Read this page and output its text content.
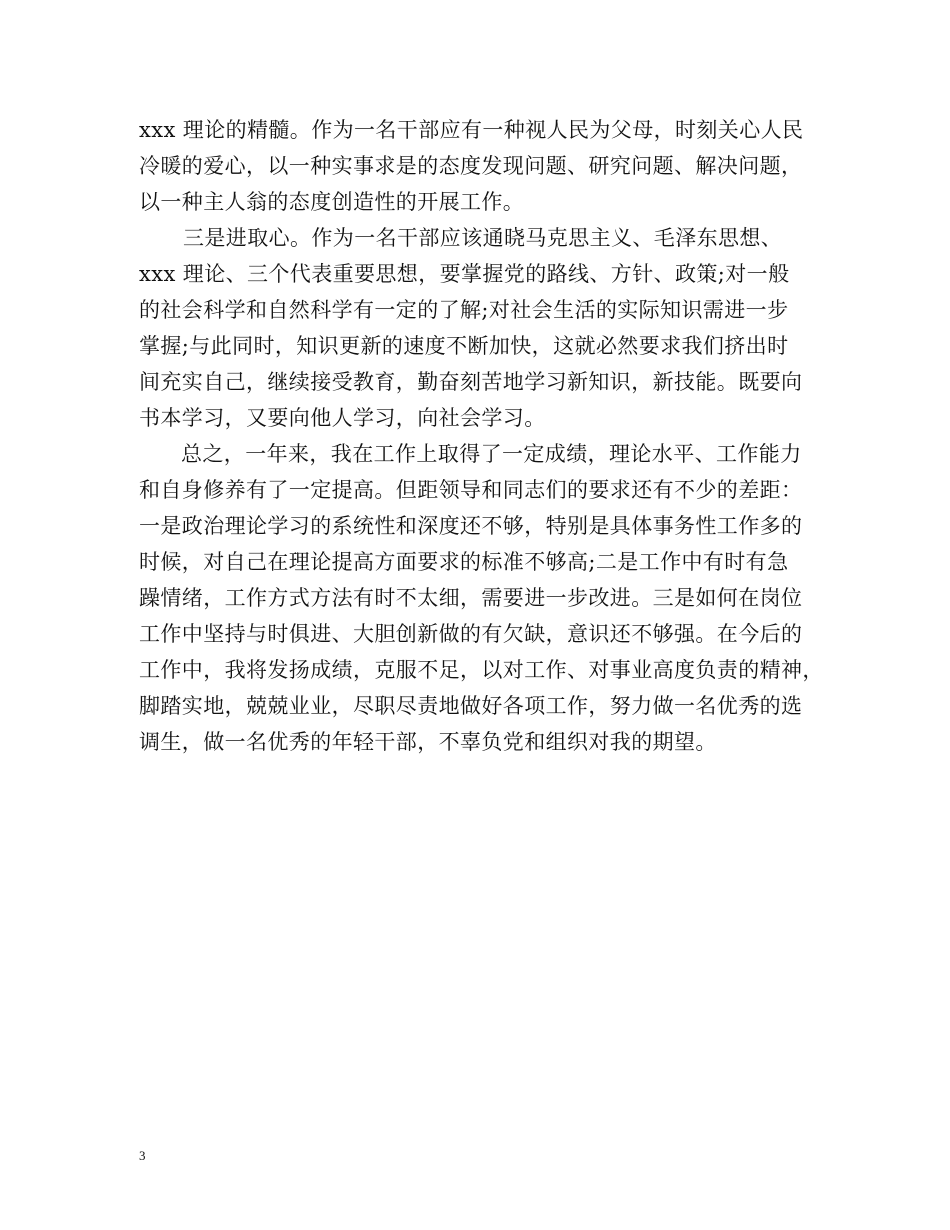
xxx 理论的精髓。作为一名干部应有一种视人民为父母，时刻关心人民
冷暖的爱心，以一种实事求是的态度发现问题、研究问题、解决问题，
以一种主人翁的态度创造性的开展工作。
三是进取心。作为一名干部应该通晓马克思主义、毛泽东思想、
xxx 理论、三个代表重要思想，要掌握党的路线、方针、政策;对一般
的社会科学和自然科学有一定的了解;对社会生活的实际知识需进一步
掌握;与此同时，知识更新的速度不断加快，这就必然要求我们挤出时
间充实自己，继续接受教育，勤奋刻苦地学习新知识，新技能。既要向
书本学习，又要向他人学习，向社会学习。
总之，一年来，我在工作上取得了一定成绩，理论水平、工作能力
和自身修养有了一定提高。但距领导和同志们的要求还有不少的差距：
一是政治理论学习的系统性和深度还不够，特别是具体事务性工作多的
时候，对自己在理论提高方面要求的标准不够高;二是工作中有时有急
躁情绪，工作方式方法有时不太细，需要进一步改进。三是如何在岗位
工作中坚持与时俱进、大胆创新做的有欠缺，意识还不够强。在今后的
工作中，我将发扬成绩，克服不足，以对工作、对事业高度负责的精神，
脚踏实地，兢兢业业，尽职尽责地做好各项工作，努力做一名优秀的选
调生，做一名优秀的年轻干部，不辜负党和组织对我的期望。
3
